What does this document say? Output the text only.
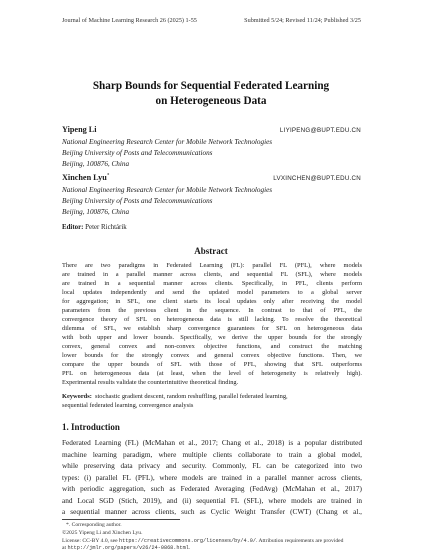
Journal of Machine Learning Research 26 (2025) 1-55	Submitted 5/24; Revised 11/24; Published 3/25
Sharp Bounds for Sequential Federated Learning
on Heterogeneous Data
Yipeng Li	LIYIPENG@BUPT.EDU.CN
National Engineering Research Center for Mobile Network Technologies
Beijing University of Posts and Telecommunications
Beijing, 100876, China
Xinchen Lyu*	LVXINCHEN@BUPT.EDU.CN
National Engineering Research Center for Mobile Network Technologies
Beijing University of Posts and Telecommunications
Beijing, 100876, China
Editor: Peter Richtárik
Abstract
There are two paradigms in Federated Learning (FL): parallel FL (PFL), where models
are trained in a parallel manner across clients, and sequential FL (SFL), where models
are trained in a sequential manner across clients. Specifically, in PFL, clients perform
local updates independently and send the updated model parameters to a global server
for aggregation; in SFL, one client starts its local updates only after receiving the model
parameters from the previous client in the sequence. In contrast to that of PFL, the
convergence theory of SFL on heterogeneous data is still lacking. To resolve the theoretical
dilemma of SFL, we establish sharp convergence guarantees for SFL on heterogeneous data
with both upper and lower bounds. Specifically, we derive the upper bounds for the strongly
convex, general convex and non-convex objective functions, and construct the matching
lower bounds for the strongly convex and general convex objective functions. Then, we
compare the upper bounds of SFL with those of PFL, showing that SFL outperforms
PFL on heterogeneous data (at least, when the level of heterogeneity is relatively high).
Experimental results validate the counterintuitive theoretical finding.
Keywords: stochastic gradient descent, random reshuffling, parallel federated learning,
sequential federated learning, convergence analysis
1. Introduction
Federated Learning (FL) (McMahan et al., 2017; Chang et al., 2018) is a popular distributed
machine learning paradigm, where multiple clients collaborate to train a global model,
while preserving data privacy and security. Commonly, FL can be categorized into two
types: (i) parallel FL (PFL), where models are trained in a parallel manner across clients,
with periodic aggregation, such as Federated Averaging (FedAvg) (McMahan et al., 2017)
and Local SGD (Stich, 2019), and (ii) sequential FL (SFL), where models are trained in
a sequential manner across clients, such as Cyclic Weight Transfer (CWT) (Chang et al.,
*. Corresponding author.
©2025 Yipeng Li and Xinchen Lyu.
License: CC-BY 4.0, see https://creativecommons.org/licenses/by/4.0/. Attribution requirements are provided
at http://jmlr.org/papers/v26/24-0868.html.
